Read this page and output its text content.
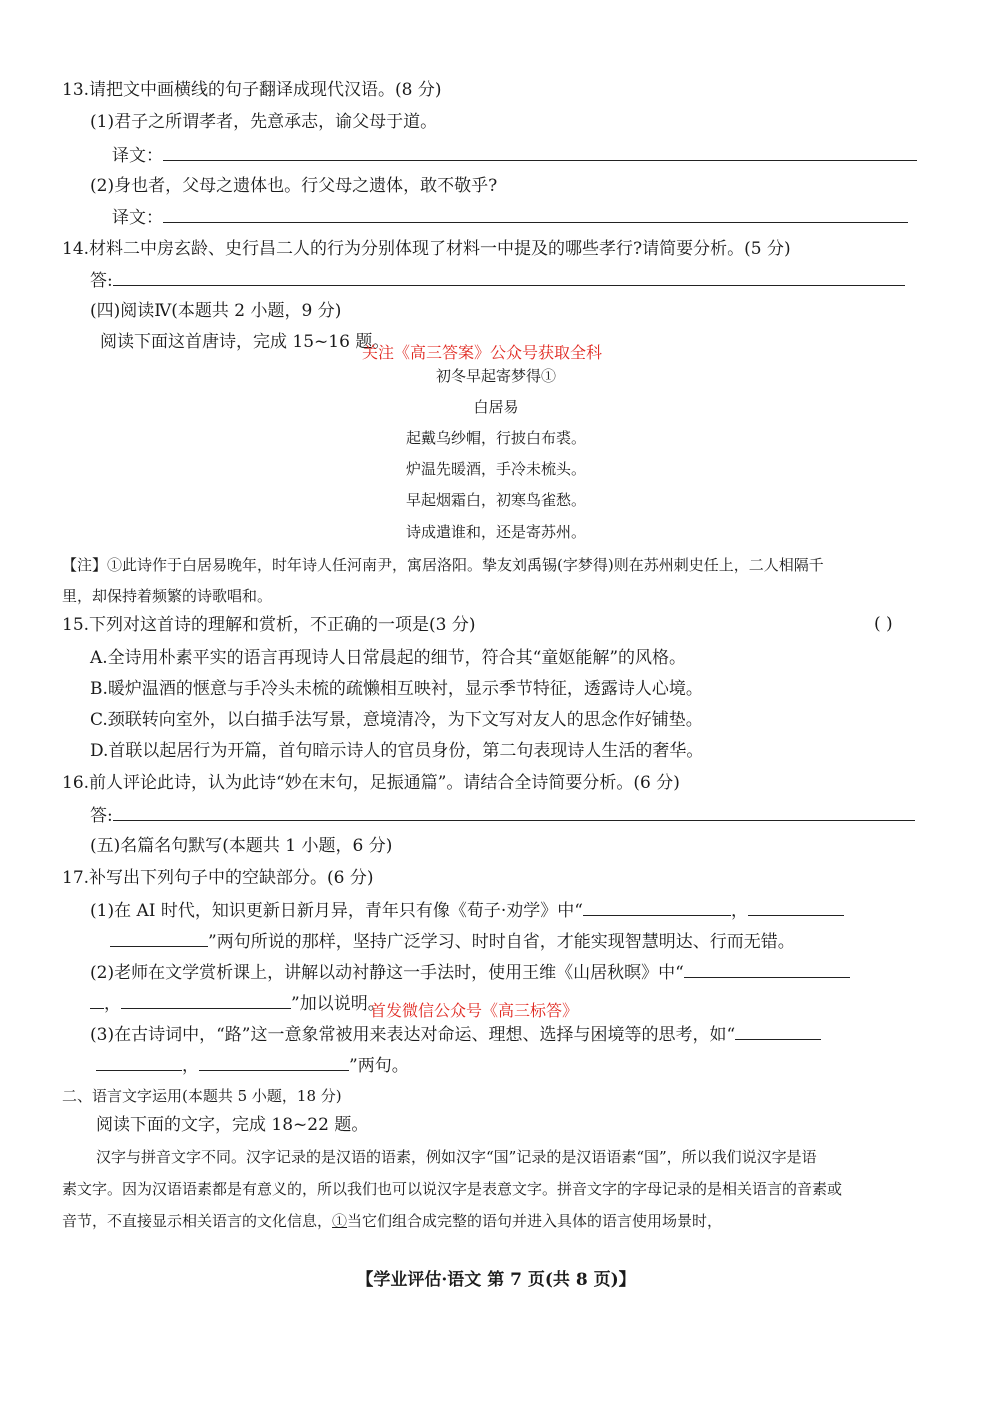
13.请把文中画横线的句子翻译成现代汉语。(8 分)
(1)君子之所谓孝者，先意承志，谕父母于道。
译文：
(2)身也者，父母之遗体也。行父母之遗体，敢不敬乎?
译文：
14.材料二中房玄龄、史行昌二人的行为分别体现了材料一中提及的哪些孝行?请简要分析。(5 分)
答:
(四)阅读Ⅳ(本题共 2 小题，9 分)
阅读下面这首唐诗，完成 15~16 题。
关注《高三答案》公众号获取全科
初冬早起寄梦得①
白居易
起戴乌纱帽，行披白布裘。
炉温先暖酒，手冷未梳头。
早起烟霜白，初寒鸟雀愁。
诗成遣谁和，还是寄苏州。
【注】①此诗作于白居易晚年，时年诗人任河南尹，寓居洛阳。挚友刘禹锡(字梦得)则在苏州刺史任上，二人相隔千
里，却保持着频繁的诗歌唱和。
15.下列对这首诗的理解和赏析，不正确的一项是(3 分)	( )
A.全诗用朴素平实的语言再现诗人日常晨起的细节，符合其“童妪能解”的风格。
B.暖炉温酒的惬意与手冷头未梳的疏懒相互映衬，显示季节特征，透露诗人心境。
C.颈联转向室外，以白描手法写景，意境清冷，为下文写对友人的思念作好铺垫。
D.首联以起居行为开篇，首句暗示诗人的官员身份，第二句表现诗人生活的奢华。
16.前人评论此诗，认为此诗“妙在末句，足振通篇”。请结合全诗简要分析。(6 分)
答:
(五)名篇名句默写(本题共 1 小题，6 分)
17.补写出下列句子中的空缺部分。(6 分)
(1)在 AI 时代，知识更新日新月异，青年只有像《荀子·劝学》中“	，
”两句所说的那样，坚持广泛学习、时时自省，才能实现智慧明达、行而无错。
(2)老师在文学赏析课上，讲解以动衬静这一手法时，使用王维《山居秋暝》中“
，	”加以说明。
首发微信公众号《高三标答》
(3)在古诗词中，“路”这一意象常被用来表达对命运、理想、选择与困境等的思考，如“
，	”两句。
二、语言文字运用(本题共 5 小题，18 分)
阅读下面的文字，完成 18~22 题。
汉字与拼音文字不同。汉字记录的是汉语的语素，例如汉字“国”记录的是汉语语素“国”，所以我们说汉字是语
素文字。因为汉语语素都是有意义的，所以我们也可以说汉字是表意文字。拼音文字的字母记录的是相关语言的音素或
音节，不直接显示相关语言的文化信息，①当它们组合成完整的语句并进入具体的语言使用场景时，
【学业评估·语文 第 7 页(共 8 页)】
